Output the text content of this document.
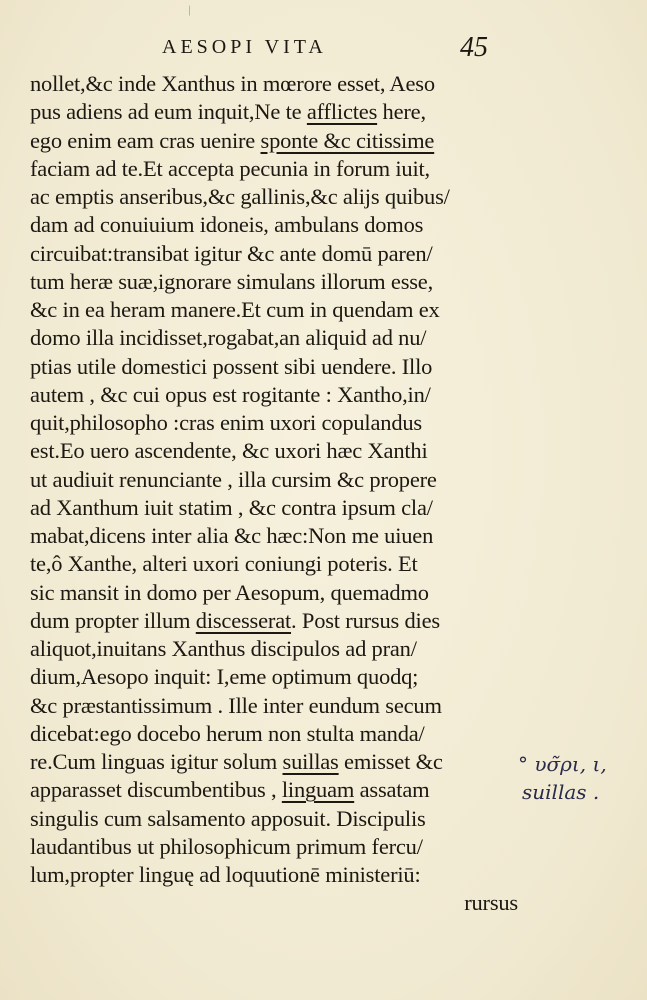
/
AESOPI VITA	45
nollet,&c inde Xanthus in mœrore esset, Aeso
pus adiens ad eum inquit,Ne te afflictes here,
ego enim eam cras uenire sponte &c citissime
faciam ad te.Et accepta pecunia in forum iuit,
ac emptis anseribus,&c gallinis,&c alijs quibus/
dam ad conuiuium idoneis, ambulans domos
circuibat:transibat igitur &c ante domū paren/
tum heræ suæ,ignorare simulans illorum esse,
&c in ea heram manere.Et cum in quendam ex
domo illa incidisset,rogabat,an aliquid ad nu/
ptias utile domestici possent sibi uendere. Illo
autem , &c cui opus est rogitante : Xantho,in/
quit,philosopho :cras enim uxori copulandus
est.Eo uero ascendente, &c uxori hæc Xanthi
ut audiuit renunciante , illa cursim &c propere
ad Xanthum iuit statim , &c contra ipsum cla/
mabat,dicens inter alia &c hæc:Non me uiuen
te,ô Xanthe, alteri uxori coniungi poteris. Et
sic mansit in domo per Aesopum, quemadmo
dum propter illum discesserat. Post rursus dies
aliquot,inuitans Xanthus discipulos ad pran/
dium,Aesopo inquit: I,eme optimum quodq;
&c præstantissimum . Ille inter eundum secum
dicebat:ego docebo herum non stulta manda/
re.Cum linguas igitur solum suillas emisset &c
apparasset discumbentibus , linguam assatam
singulis cum salsamento apposuit. Discipulis
laudantibus ut philosophicum primum fercu/
lum,propter linguę ad loquutionē ministeriū:
rursus
° υσ̃ρι, ι,
suillas .
